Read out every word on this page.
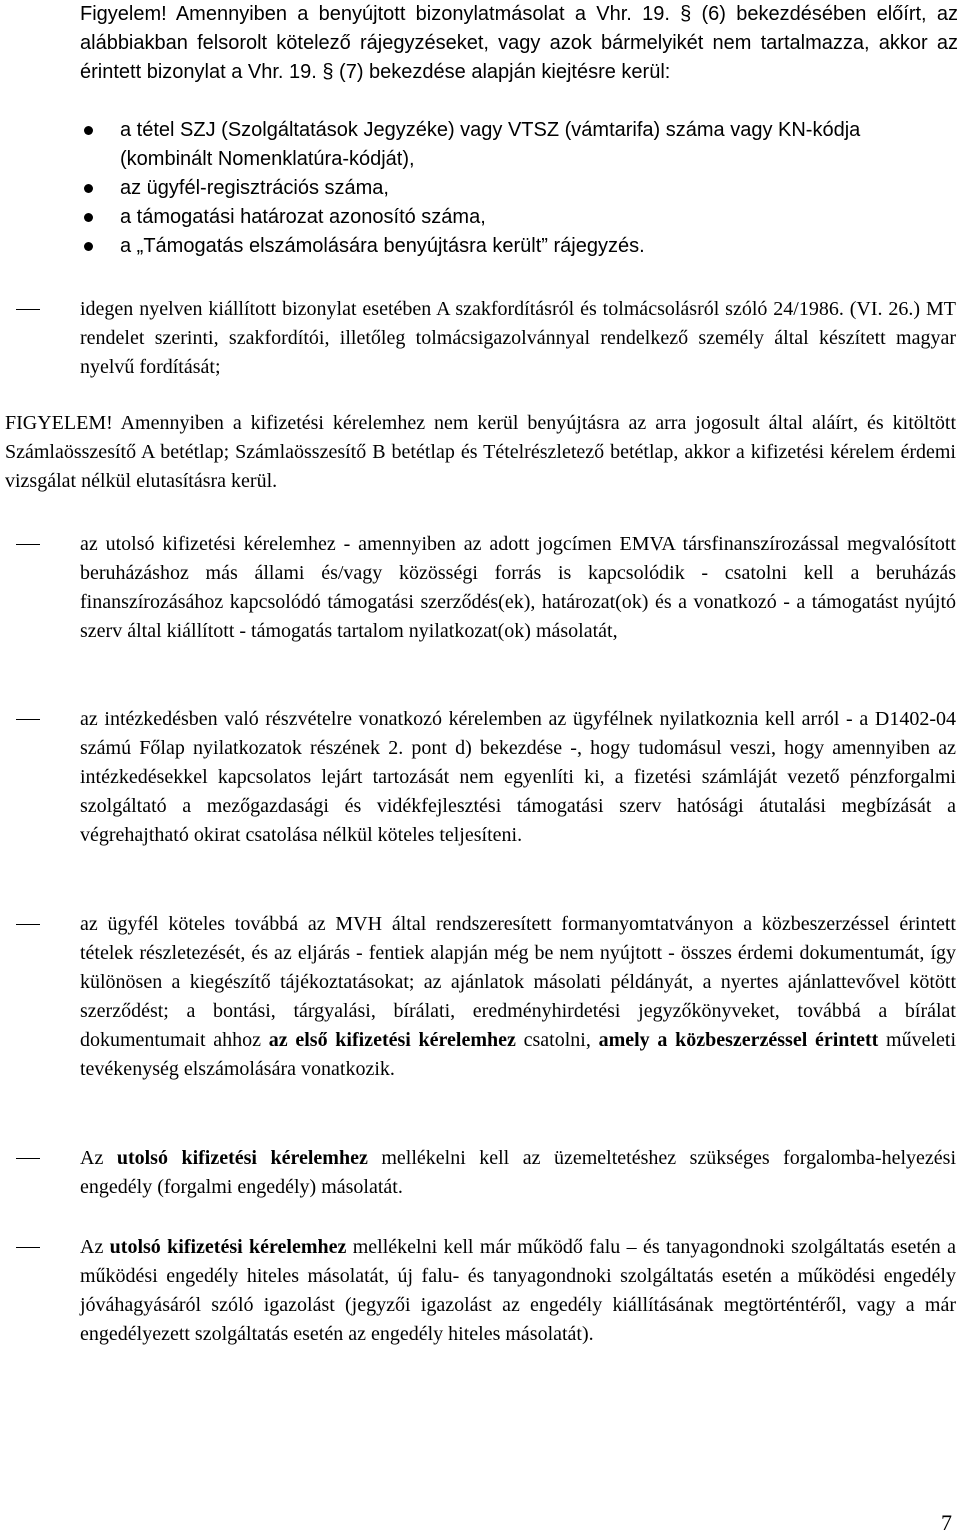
Figyelem! Amennyiben a benyújtott bizonylatmásolat a Vhr. 19. § (6) bekezdésében előírt, az alábbiakban felsorolt kötelező rájegyzéseket, vagy azok bármelyikét nem tartalmazza, akkor az érintett bizonylat a Vhr. 19. § (7) bekezdése alapján kiejtésre kerül:
a tétel SZJ (Szolgáltatások Jegyzéke) vagy VTSZ (vámtarifa) száma vagy KN-kódja (kombinált Nomenklatúra-kódját),
az ügyfél-regisztrációs száma,
a támogatási határozat azonosító száma,
a „Támogatás elszámolására benyújtásra került” rájegyzés.
idegen nyelven kiállított bizonylat esetében A szakfordításról és tolmácsolásról szóló 24/1986. (VI. 26.) MT rendelet szerinti, szakfordítói, illetőleg tolmácsigazolvánnyal rendelkező személy által készített magyar nyelvű fordítását;
FIGYELEM! Amennyiben a kifizetési kérelemhez nem kerül benyújtásra az arra jogosult által aláírt, és kitöltött Számlaösszesítő A betétlap; Számlaösszesítő B betétlap és Tételrészletező betétlap, akkor a kifizetési kérelem érdemi vizsgálat nélkül elutasításra kerül.
az utolsó kifizetési kérelemhez - amennyiben az adott jogcímen EMVA társfinanszírozással megvalósított beruházáshoz más állami és/vagy közösségi forrás is kapcsolódik - csatolni kell a beruházás finanszírozásához kapcsolódó támogatási szerződés(ek), határozat(ok) és a vonatkozó - a támogatást nyújtó szerv által kiállított - támogatás tartalom nyilatkozat(ok) másolatát,
az intézkedésben való részvételre vonatkozó kérelemben az ügyfélnek nyilatkoznia kell arról - a D1402-04 számú Főlap nyilatkozatok részének 2. pont d) bekezdése -, hogy tudomásul veszi, hogy amennyiben az intézkedésekkel kapcsolatos lejárt tartozását nem egyenlíti ki, a fizetési számláját vezető pénzforgalmi szolgáltató a mezőgazdasági és vidékfejlesztési támogatási szerv hatósági átutalási megbízását a végrehajtható okirat csatolása nélkül köteles teljesíteni.
az ügyfél köteles továbbá az MVH által rendszeresített formanyomtatványon a közbeszerzéssel érintett tételek részletezését, és az eljárás - fentiek alapján még be nem nyújtott - összes érdemi dokumentumát, így különösen a kiegészítő tájékoztatásokat; az ajánlatok másolati példányát, a nyertes ajánlattevővel kötött szerződést; a bontási, tárgyalási, bírálati, eredményhirdetési jegyzőkönyveket, továbbá a bírálat dokumentumait ahhoz az első kifizetési kérelemhez csatolni, amely a közbeszerzéssel érintett műveleti tevékenység elszámolására vonatkozik.
Az utolsó kifizetési kérelemhez mellékelni kell az üzemeltetéshez szükséges forgalomba-helyezési engedély (forgalmi engedély) másolatát.
Az utolsó kifizetési kérelemhez mellékelni kell már működő falu – és tanyagondnoki szolgáltatás esetén a működési engedély hiteles másolatát, új falu- és tanyagondnoki szolgáltatás esetén a működési engedély jóváhagyásáról szóló igazolást (jegyzői igazolást az engedély kiállításának megtörténtéről, vagy a már engedélyezett szolgáltatás esetén az engedély hiteles másolatát).
7
